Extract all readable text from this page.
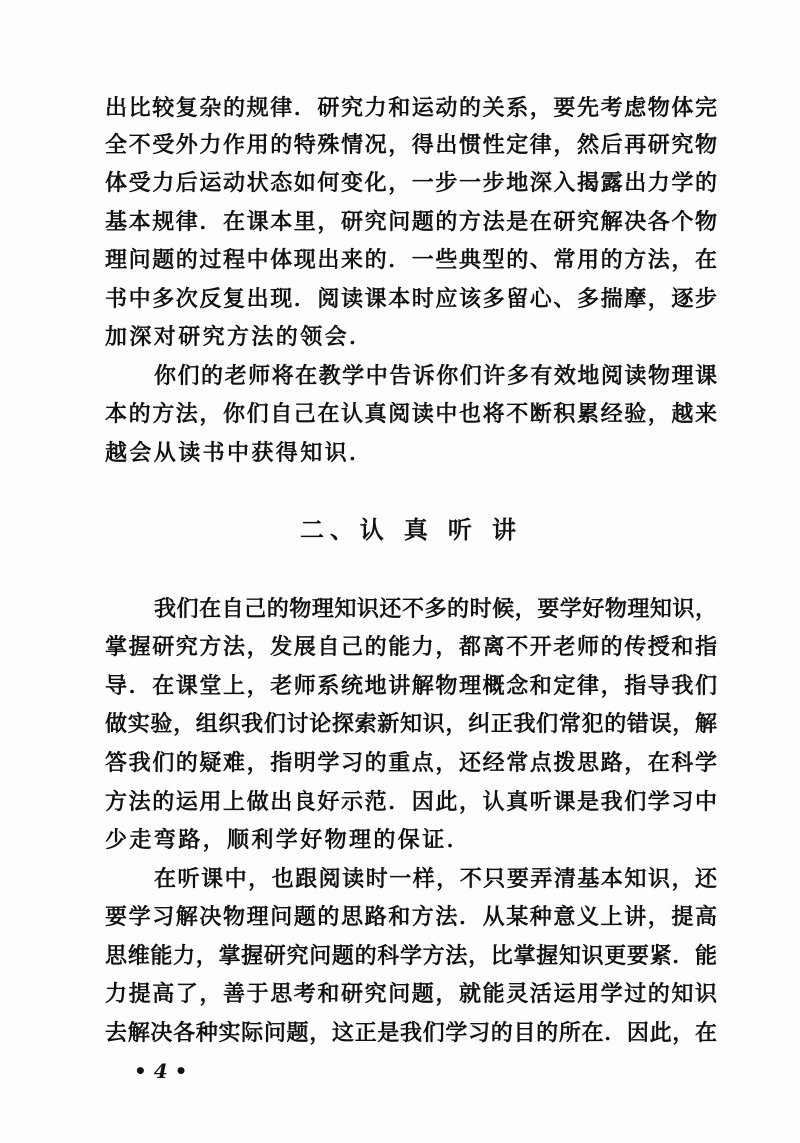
出比较复杂的规律．研究力和运动的关系，要先考虑物体完
全不受外力作用的特殊情况，得出惯性定律，然后再研究物
体受力后运动状态如何变化，一步一步地深入揭露出力学的
基本规律．在课本里，研究问题的方法是在研究解决各个物
理问题的过程中体现出来的．一些典型的、常用的方法，在
书中多次反复出现．阅读课本时应该多留心、多揣摩，逐步
加深对研究方法的领会．
你们的老师将在教学中告诉你们许多有效地阅读物理课
本的方法，你们自己在认真阅读中也将不断积累经验，越来
越会从读书中获得知识．
二、认 真 听 讲
我们在自己的物理知识还不多的时候，要学好物理知识，
掌握研究方法，发展自己的能力，都离不开老师的传授和指
导．在课堂上，老师系统地讲解物理概念和定律，指导我们
做实验，组织我们讨论探索新知识，纠正我们常犯的错误，解
答我们的疑难，指明学习的重点，还经常点拨思路，在科学
方法的运用上做出良好示范．因此，认真听课是我们学习中
少走弯路，顺利学好物理的保证．
在听课中，也跟阅读时一样，不只要弄清基本知识，还
要学习解决物理问题的思路和方法．从某种意义上讲，提高
思维能力，掌握研究问题的科学方法，比掌握知识更要紧．能
力提高了，善于思考和研究问题，就能灵活运用学过的知识
去解决各种实际问题，这正是我们学习的目的所在．因此，在
• 4 •
